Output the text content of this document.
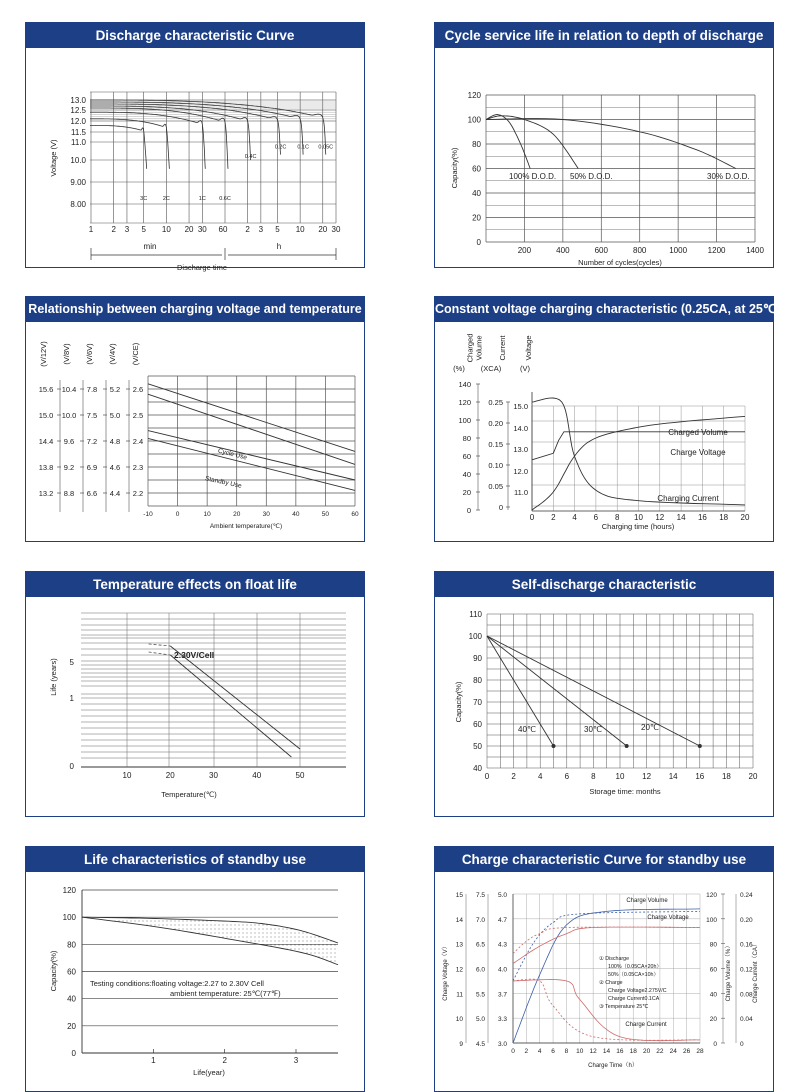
Discharge characteristic Curve
13.0
12.5
12.0
11.5
11.0
10.0
9.00
8.00
Voltage (V)
1 2 3 5 10 20 30 60 2 3 5 10 20 30
min	h
Discharge time
3C	2C	1C 0.6C
0.4C
0.2C 0.1C 0.05C
Cycle service life in relation to depth of discharge
0
20
40
60
80
100
120
200	400	600	800	1000	1200	1400
Number of cycles(cycles)
Capacity(%)	100% D.O.D. 50% D.O.D.	30% D.O.D.
Relationship between charging voltage and temperature
-10	0	10	20	30	40	50	60
Ambient temperature(℃)
(V/12V) (V/8V) (V/6V) (V/4V) (V/CE)
15.6 10.4 7.8 5.2 2.6
15.0 10.0 7.5 5.0 2.5
14.4 9.6 7.2 4.8 2.4
13.8 9.2 6.9 4.6 2.3
13.2 8.8 6.6 4.4 2.2
Cycle Use
Standby Use
Constant voltage charging characteristic (0.25CA, at 25℃)
0 2 4 6 8 10 12 14 16 18 20
Charging time (hours)
Charged Volume Current Voltage
(%) (XCA)	(V)
140
120 0.25 15.0
100 0.20
14.0
80
0.15
13.0
60
0.10
12.0
40
0.05
11.0
20
0
0
Charged Volume
Charge Voltage
Charging Current
Temperature effects on float life
10	20	30	40	50
Temperature(℃)
5
1
0
Life (years)
2.30V/Cell
Self-discharge characteristic
40
50
60
70
80
90
100
110
0	2	4	6	8 10 12 14 16 18 20
Storage time: months
Capacity(%)
40℃	30℃	20℃
Life characteristics of standby use
0
20
40
60
80
100
120
1	2	3
Life(year)
Capacity(%)	Testing conditions:floating voltage:2.27 to 2.30V Cell
ambient temperature: 25℃(77℉)
Charge characteristic Curve for standby use
15 7.5 5.0
14 7.0 4.7
13 6.5 4.3
12 6.0 4.0
11 5.5 3.7
10 5.0 3.3
9 4.5 3.0
120	0.24
100	0.20
80	0.16
60	0.12
40	0.08
20	0.04
0	0
Charge Voltage（V）	Charge Volume（%）	Charge Current（CA）
0 2 4 6 8 10 12 14 16 18 20 22 24 26 28
Charge Time（h）
Charge Volume
Charge Voltage
Charge Current
① Discharge
100%（0.05CA×20h）
50%（0.05CA×10h）
② Charge
Charge Voltage2.275V/C
Charge Current0.1CA
③ Temperature 25℃
